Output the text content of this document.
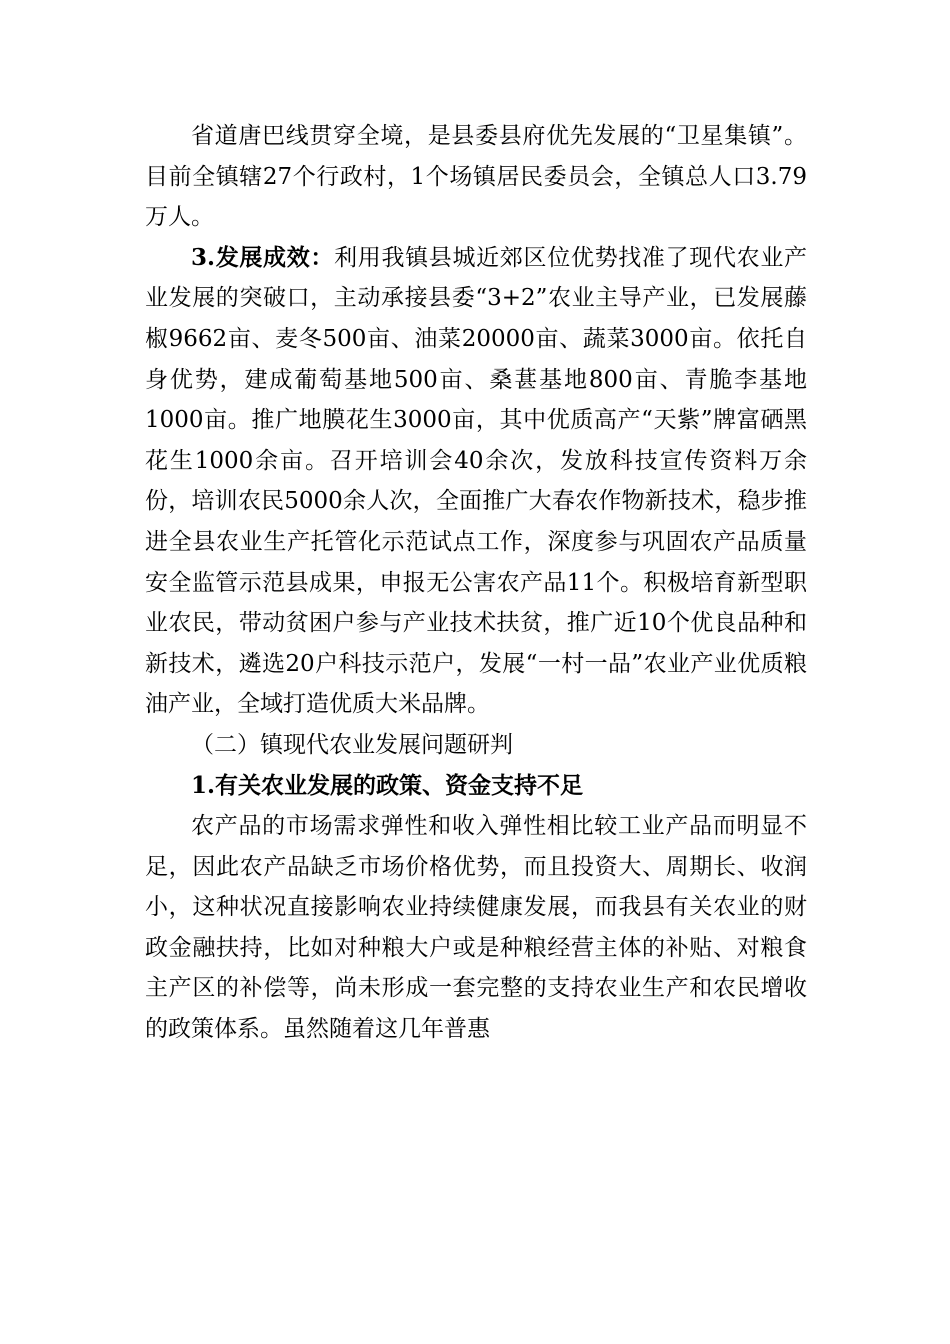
省道唐巴线贯穿全境，是县委县府优先发展的“卫星集镇”。目前全镇辖27个行政村，1个场镇居民委员会，全镇总人口3.79万人。

3.发展成效：利用我镇县城近郊区位优势找准了现代农业产业发展的突破口，主动承接县委“3+2”农业主导产业，已发展藤椒9662亩、麦冬500亩、油菜20000亩、蔬菜3000亩。依托自身优势，建成葡萄基地500亩、桑葚基地800亩、青脆李基地1000亩。推广地膜花生3000亩，其中优质高产“天紫”牌富硒黑花生1000余亩。召开培训会40余次，发放科技宣传资料万余份，培训农民5000余人次，全面推广大春农作物新技术，稳步推进全县农业生产托管化示范试点工作，深度参与巩固农产品质量安全监管示范县成果，申报无公害农产品11个。积极培育新型职业农民，带动贫困户参与产业技术扶贫，推广近10个优良品种和新技术，遴选20户科技示范户，发展“一村一品”农业产业优质粮油产业，全域打造优质大米品牌。

（二）镇现代农业发展问题研判

1.有关农业发展的政策、资金支持不足

农产品的市场需求弹性和收入弹性相比较工业产品而明显不足，因此农产品缺乏市场价格优势，而且投资大、周期长、收润小，这种状况直接影响农业持续健康发展，而我县有关农业的财政金融扶持，比如对种粮大户或是种粮经营主体的补贴、对粮食主产区的补偿等，尚未形成一套完整的支持农业生产和农民增收的政策体系。虽然随着这几年普惠
